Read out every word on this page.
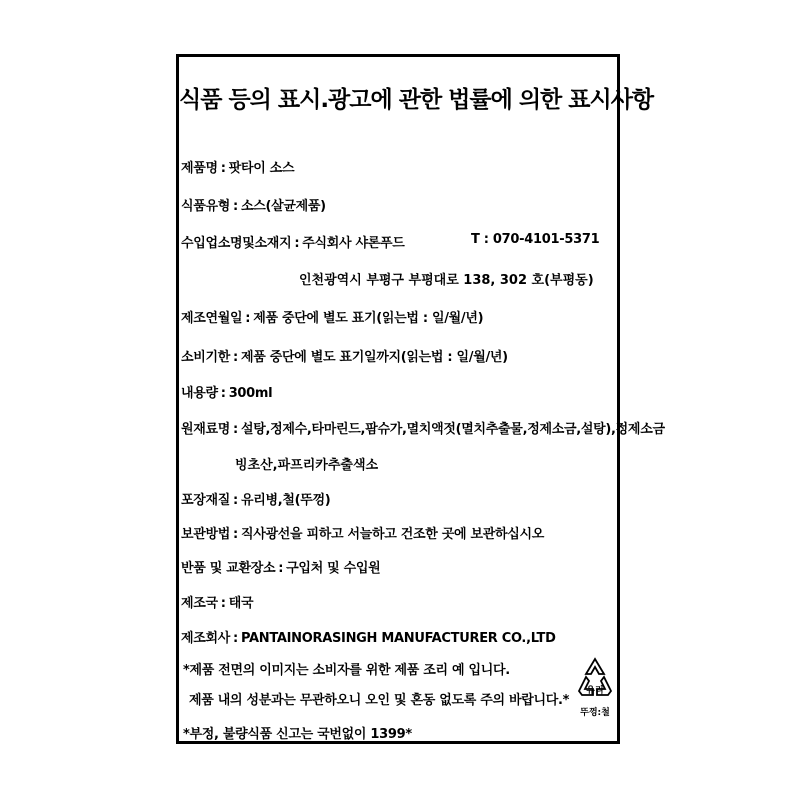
식품 등의 표시.광고에 관한 법률에 의한 표시사항
제품명 : 팟타이 소스
식품유형 : 소스(살균제품)
수입업소명및소재지 : 주식회사 샤론푸드	T : 070-4101-5371
인천광역시 부평구 부평대로 138, 302 호(부평동)
제조연월일 : 제품 중단에 별도 표기(읽는법 : 일/월/년)
소비기한 : 제품 중단에 별도 표기일까지(읽는법 : 일/월/년)
내용량 : 300ml
원재료명 : 설탕,정제수,타마린드,팜슈가,멸치액젓(멸치추출물,정제소금,설탕),정제소금
빙초산,파프리카추출색소
포장재질 : 유리병,철(뚜껑)
보관방법 : 직사광선을 피하고 서늘하고 건조한 곳에 보관하십시오
반품 및 교환장소 : 구입처 및 수입원
제조국 : 태국
제조회사 : PANTAINORASINGH MANUFACTURER CO.,LTD
*제품 전면의 이미지는 소비자를 위한 제품 조리 예 입니다.
제품 내의 성분과는 무관하오니 오인 및 혼동 없도록 주의 바랍니다.*
*부정, 불량식품 신고는 국번없이 1399*
유리
뚜껑:철
